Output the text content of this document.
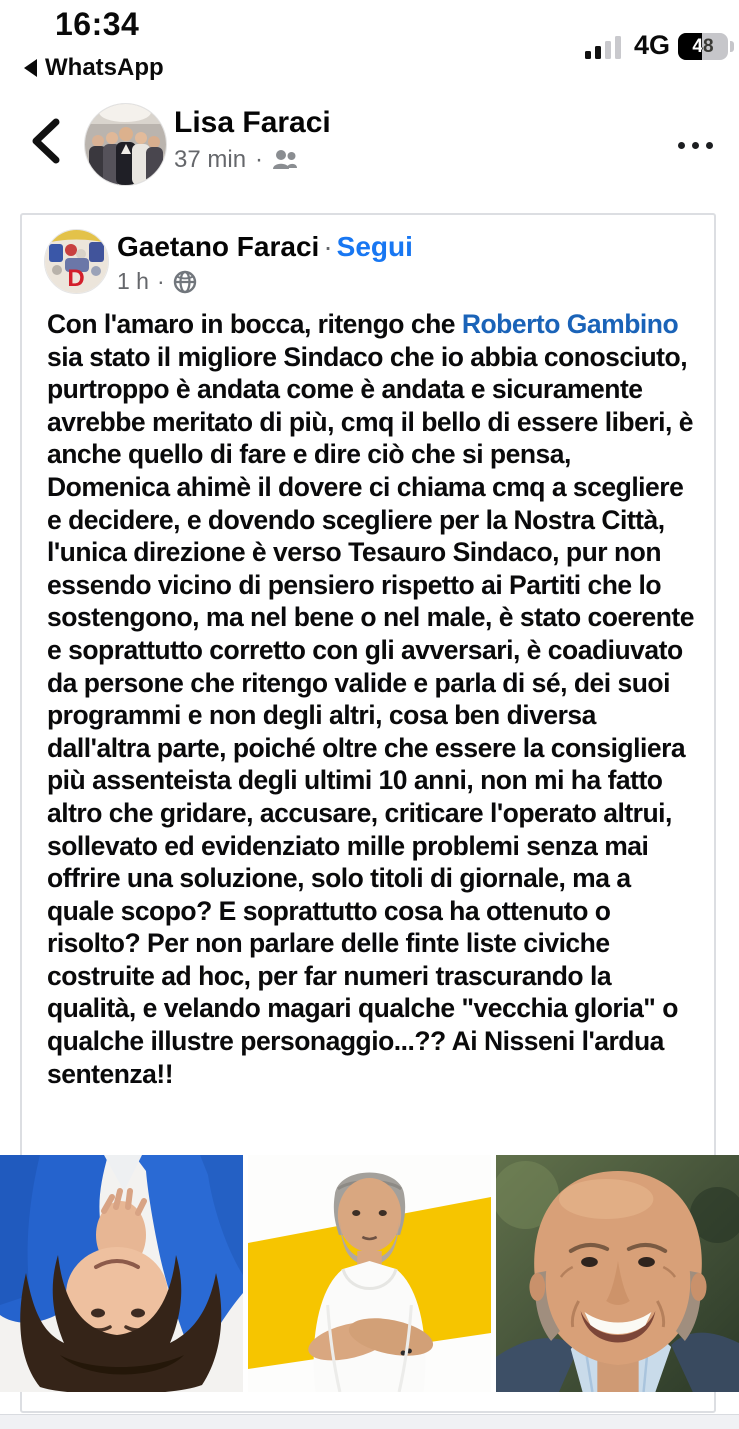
16:34
WhatsApp
4G	48
Lisa Faraci
37 min ·
D
Gaetano Faraci · Segui
1 h ·
Con l'amaro in bocca, ritengo che Roberto Gambino sia stato il migliore Sindaco che io abbia conosciuto, purtroppo è andata come è andata e sicuramente avrebbe meritato di più, cmq il bello di essere liberi, è anche quello di fare e dire ciò che si pensa, Domenica ahimè il dovere ci chiama cmq a scegliere e decidere, e dovendo scegliere per la Nostra Città, l'unica direzione è verso Tesauro Sindaco, pur non essendo vicino di pensiero rispetto ai Partiti che lo sostengono, ma nel bene o nel male, è stato coerente e soprattutto corretto con gli avversari, è coadiuvato da persone che ritengo valide e parla di sé, dei suoi programmi e non degli altri, cosa ben diversa dall'altra parte, poiché oltre che essere la consigliera più assenteista degli ultimi 10 anni, non mi ha fatto altro che gridare, accusare, criticare l'operato altrui, sollevato ed evidenziato mille problemi senza mai offrire una soluzione, solo titoli di giornale, ma a quale scopo? E soprattutto cosa ha ottenuto o risolto? Per non parlare delle finte liste civiche costruite ad hoc, per far numeri trascurando la qualità, e velando magari qualche "vecchia gloria" o qualche illustre personaggio...?? Ai Nisseni l'ardua sentenza!!
